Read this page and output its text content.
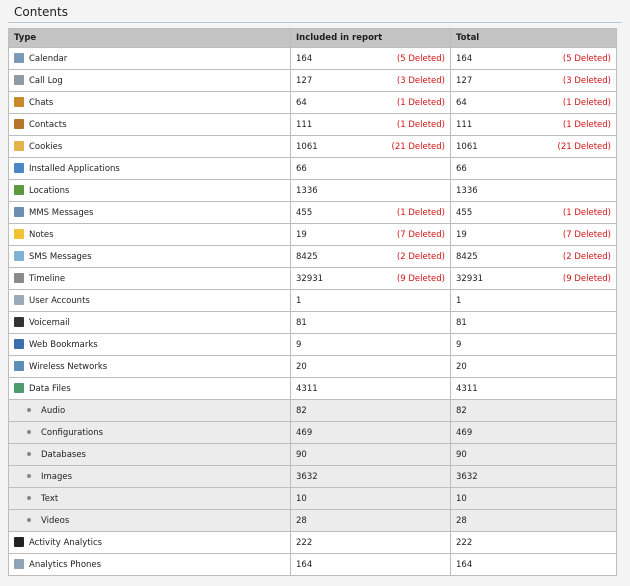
Contents
Type	Included in report	Total
Calendar	164 (5 Deleted)	164 (5 Deleted)

Call Log	127 (3 Deleted)	127 (3 Deleted)

Chats	64 (1 Deleted)	64 (1 Deleted)

Contacts	111 (1 Deleted)	111 (1 Deleted)

Cookies	1061 (21 Deleted)	1061 (21 Deleted)

Installed Applications	66	66

Locations	1336	1336

MMS Messages	455 (1 Deleted)	455 (1 Deleted)

Notes	19 (7 Deleted)	19 (7 Deleted)

SMS Messages	8425 (2 Deleted)	8425 (2 Deleted)

Timeline	32931 (9 Deleted)	32931 (9 Deleted)

User Accounts	1	1

Voicemail	81	81

Web Bookmarks	9	9

Wireless Networks	20	20

Data Files	4311	4311

Audio	82	82

Configurations	469	469

Databases	90	90

Images	3632	3632

Text	10	10

Videos	28	28

Activity Analytics	222	222

Analytics Phones	164	164
